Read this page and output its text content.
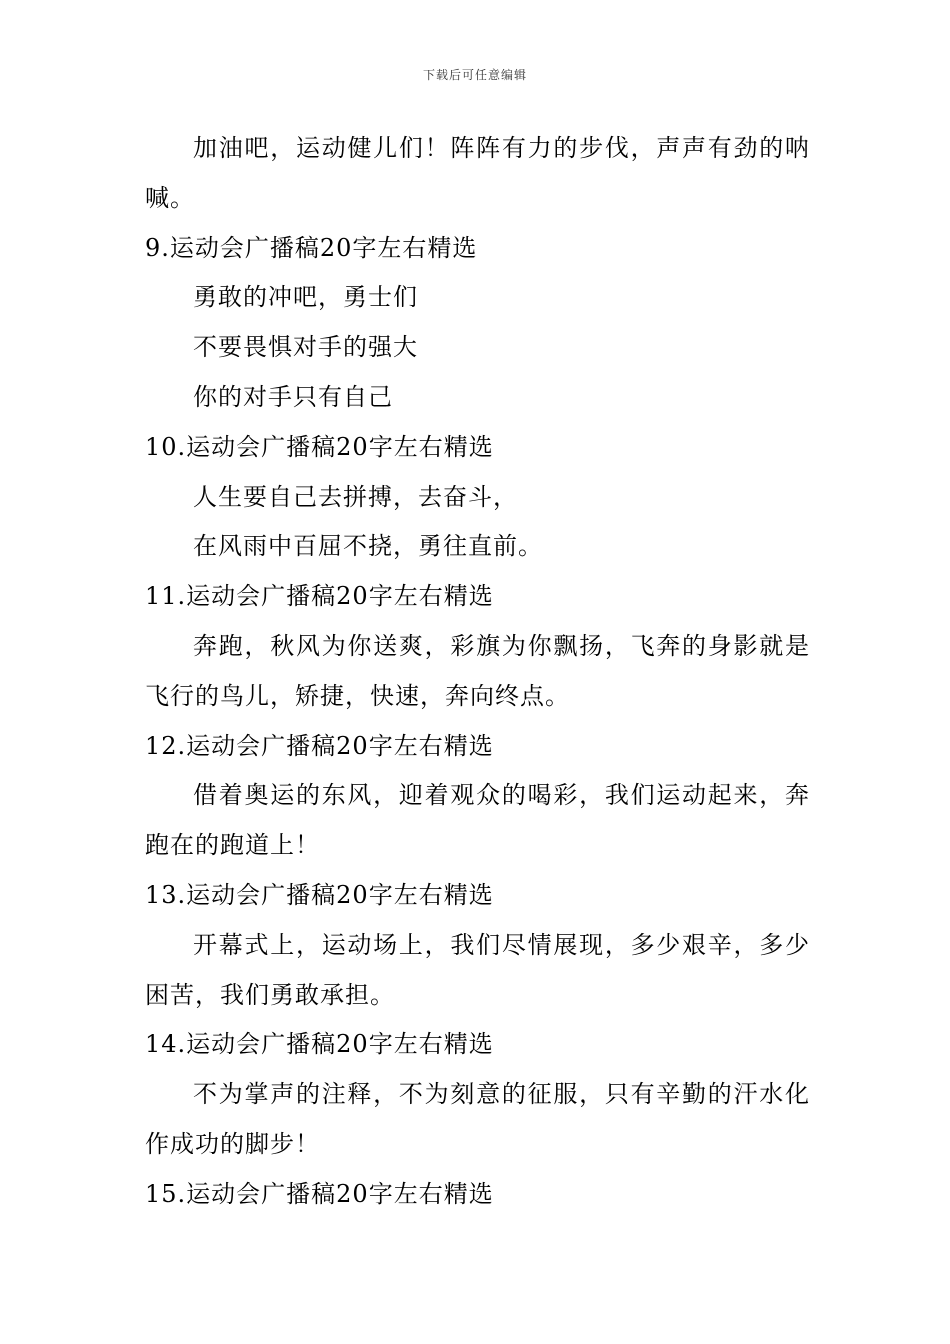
下载后可任意编辑

加油吧，运动健儿们！阵阵有力的步伐，声声有劲的呐喊。

9.运动会广播稿20字左右精选

勇敢的冲吧，勇士们

不要畏惧对手的强大

你的对手只有自己

10.运动会广播稿20字左右精选

人生要自己去拼搏，去奋斗，

在风雨中百屈不挠，勇往直前。

11.运动会广播稿20字左右精选

奔跑，秋风为你送爽，彩旗为你飘扬，飞奔的身影就是飞行的鸟儿，矫捷，快速，奔向终点。

12.运动会广播稿20字左右精选

借着奥运的东风，迎着观众的喝彩，我们运动起来，奔跑在的跑道上！

13.运动会广播稿20字左右精选

开幕式上，运动场上，我们尽情展现，多少艰辛，多少困苦，我们勇敢承担。

14.运动会广播稿20字左右精选

不为掌声的注释，不为刻意的征服，只有辛勤的汗水化作成功的脚步！

15.运动会广播稿20字左右精选
